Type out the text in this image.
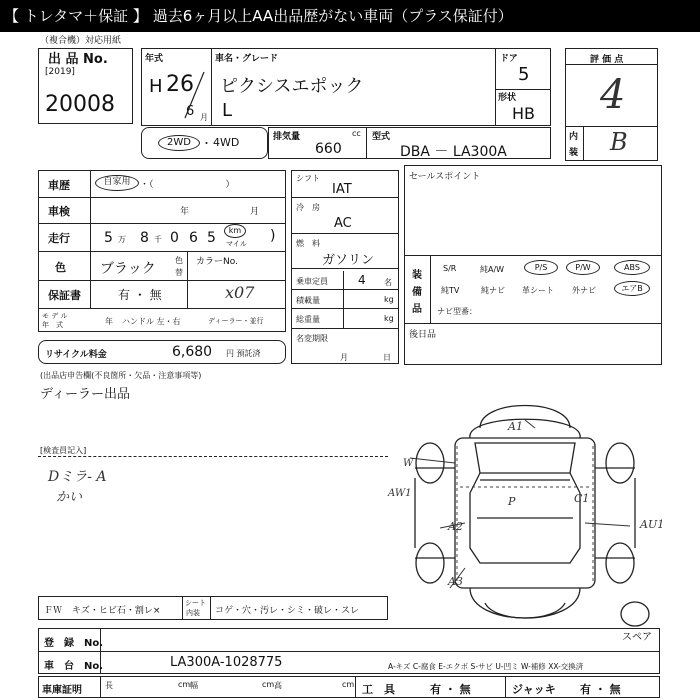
【 トレタマ＋保証 】 過去6ヶ月以上AA出品歴がない車両（プラス保証付）
（複合機）対応用紙
出 品 No.
[2019]
20008
年式
H 26
6 月
車名・グレード
ピクシスエポック
L
ドア
5
形状
HB
評 価 点
4
内
装 B
2WD ・ 4WD	排気量	cc
660
型式
DBA － LA300A
車歴	自家用	・（　　　　　　　　）
車検	年	月
走行 5 万 8 千 0 6 5	km
マイル )
色 ブラック
色
替
カラーNo.
x07
保証書	有 ・ 無
モ デ ル
年　式	年 ハンドル 左・右	ディーラー・並行
リサイクル料金	6,680 円 預託済
シフト
IAT
冷　房
AC
燃　料
ガソリン
乗車定員	4 名
積載量	kg
総重量	kg
名変期限
月	日
セールスポイント
装
備
品
S/R	純A/W	P/S	P/W	ABS
純TV	純ナビ 革シート 外ナビ	エアB
ナビ型番：
後日品
(出品店申告欄(不良箇所・欠品・注意事項等)
ディーラー出品
[検査員記入]
Dミラ- A
かい
A1
W
AW1
A2
P	C1
AU1
A3
スペア
ＦＷ キズ・ヒビ石・割レ×
シート
内装 コゲ・穴・汚レ・シミ・破レ・スレ
登　録　No.
車　台　No.	LA300A-1028775	A-キズ C-腐食 E-エクボ S-サビ U-凹ミ W-補修 XX-交換済
車庫証明	長	cm 幅	cm 高	cm 工　具	有 ・ 無	ジャッキ 有 ・ 無
